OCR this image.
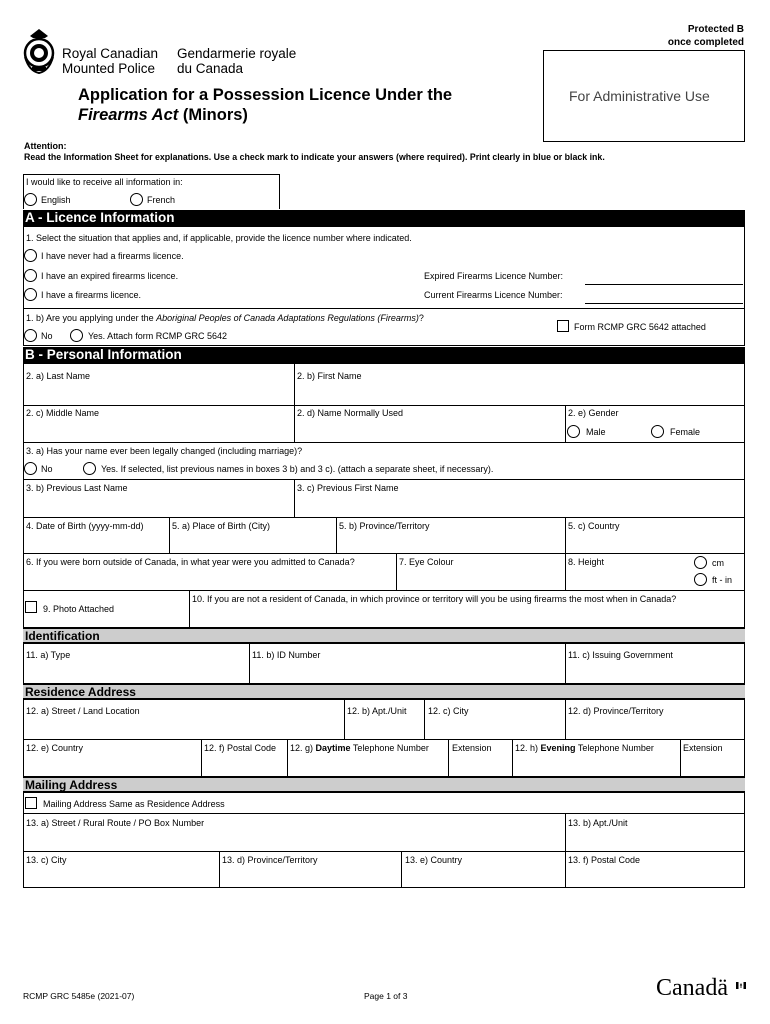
Royal Canadian
Mounted Police
Gendarmerie royale
du Canada
Protected B
once completed
Application for a Possession Licence Under the
Firearms Act (Minors)
For Administrative Use
Attention:
Read the Information Sheet for explanations. Use a check mark to indicate your answers (where required). Print clearly in blue or black ink.
I would like to receive all information in:
English	French
A - Licence Information
1. Select the situation that applies and, if applicable, provide the licence number where indicated.
I have never had a firearms licence.
I have an expired firearms licence.
I have a firearms licence.
Expired Firearms Licence Number:
Current Firearms Licence Number:
1. b) Are you applying under the Aboriginal Peoples of Canada Adaptations Regulations (Firearms)?
No	Yes. Attach form RCMP GRC 5642
Form RCMP GRC 5642 attached
B - Personal Information
2. a) Last Name	2. b) First Name
2. c) Middle Name	2. d) Name Normally Used	2. e) Gender
Male	Female
3. a) Has your name ever been legally changed (including marriage)?
No	Yes. If selected, list previous names in boxes 3 b) and 3 c). (attach a separate sheet, if necessary).
3. b) Previous Last Name	3. c) Previous First Name
4. Date of Birth (yyyy-mm-dd)	5. a) Place of Birth (City)	5. b) Province/Territory	5. c) Country
6. If you were born outside of Canada, in what year were you admitted to Canada?	7. Eye Colour	8. Height	cm
ft - in
9. Photo Attached
10. If you are not a resident of Canada, in which province or territory will you be using firearms the most when in Canada?
Identification
11. a) Type	11. b) ID Number	11. c) Issuing Government
Residence Address
12. a) Street / Land Location	12. b) Apt./Unit 12. c) City	12. d) Province/Territory
12. e) Country	12. f) Postal Code 12. g) Daytime Telephone Number	Extension	12. h) Evening Telephone Number	Extension
Mailing Address
Mailing Address Same as Residence Address
13. a) Street / Rural Route / PO Box Number	13. b) Apt./Unit
13. c) City	13. d) Province/Territory	13. e) Country	13. f) Postal Code
RCMP GRC 5485e (2021-07)	Page 1 of 3	Canadä
